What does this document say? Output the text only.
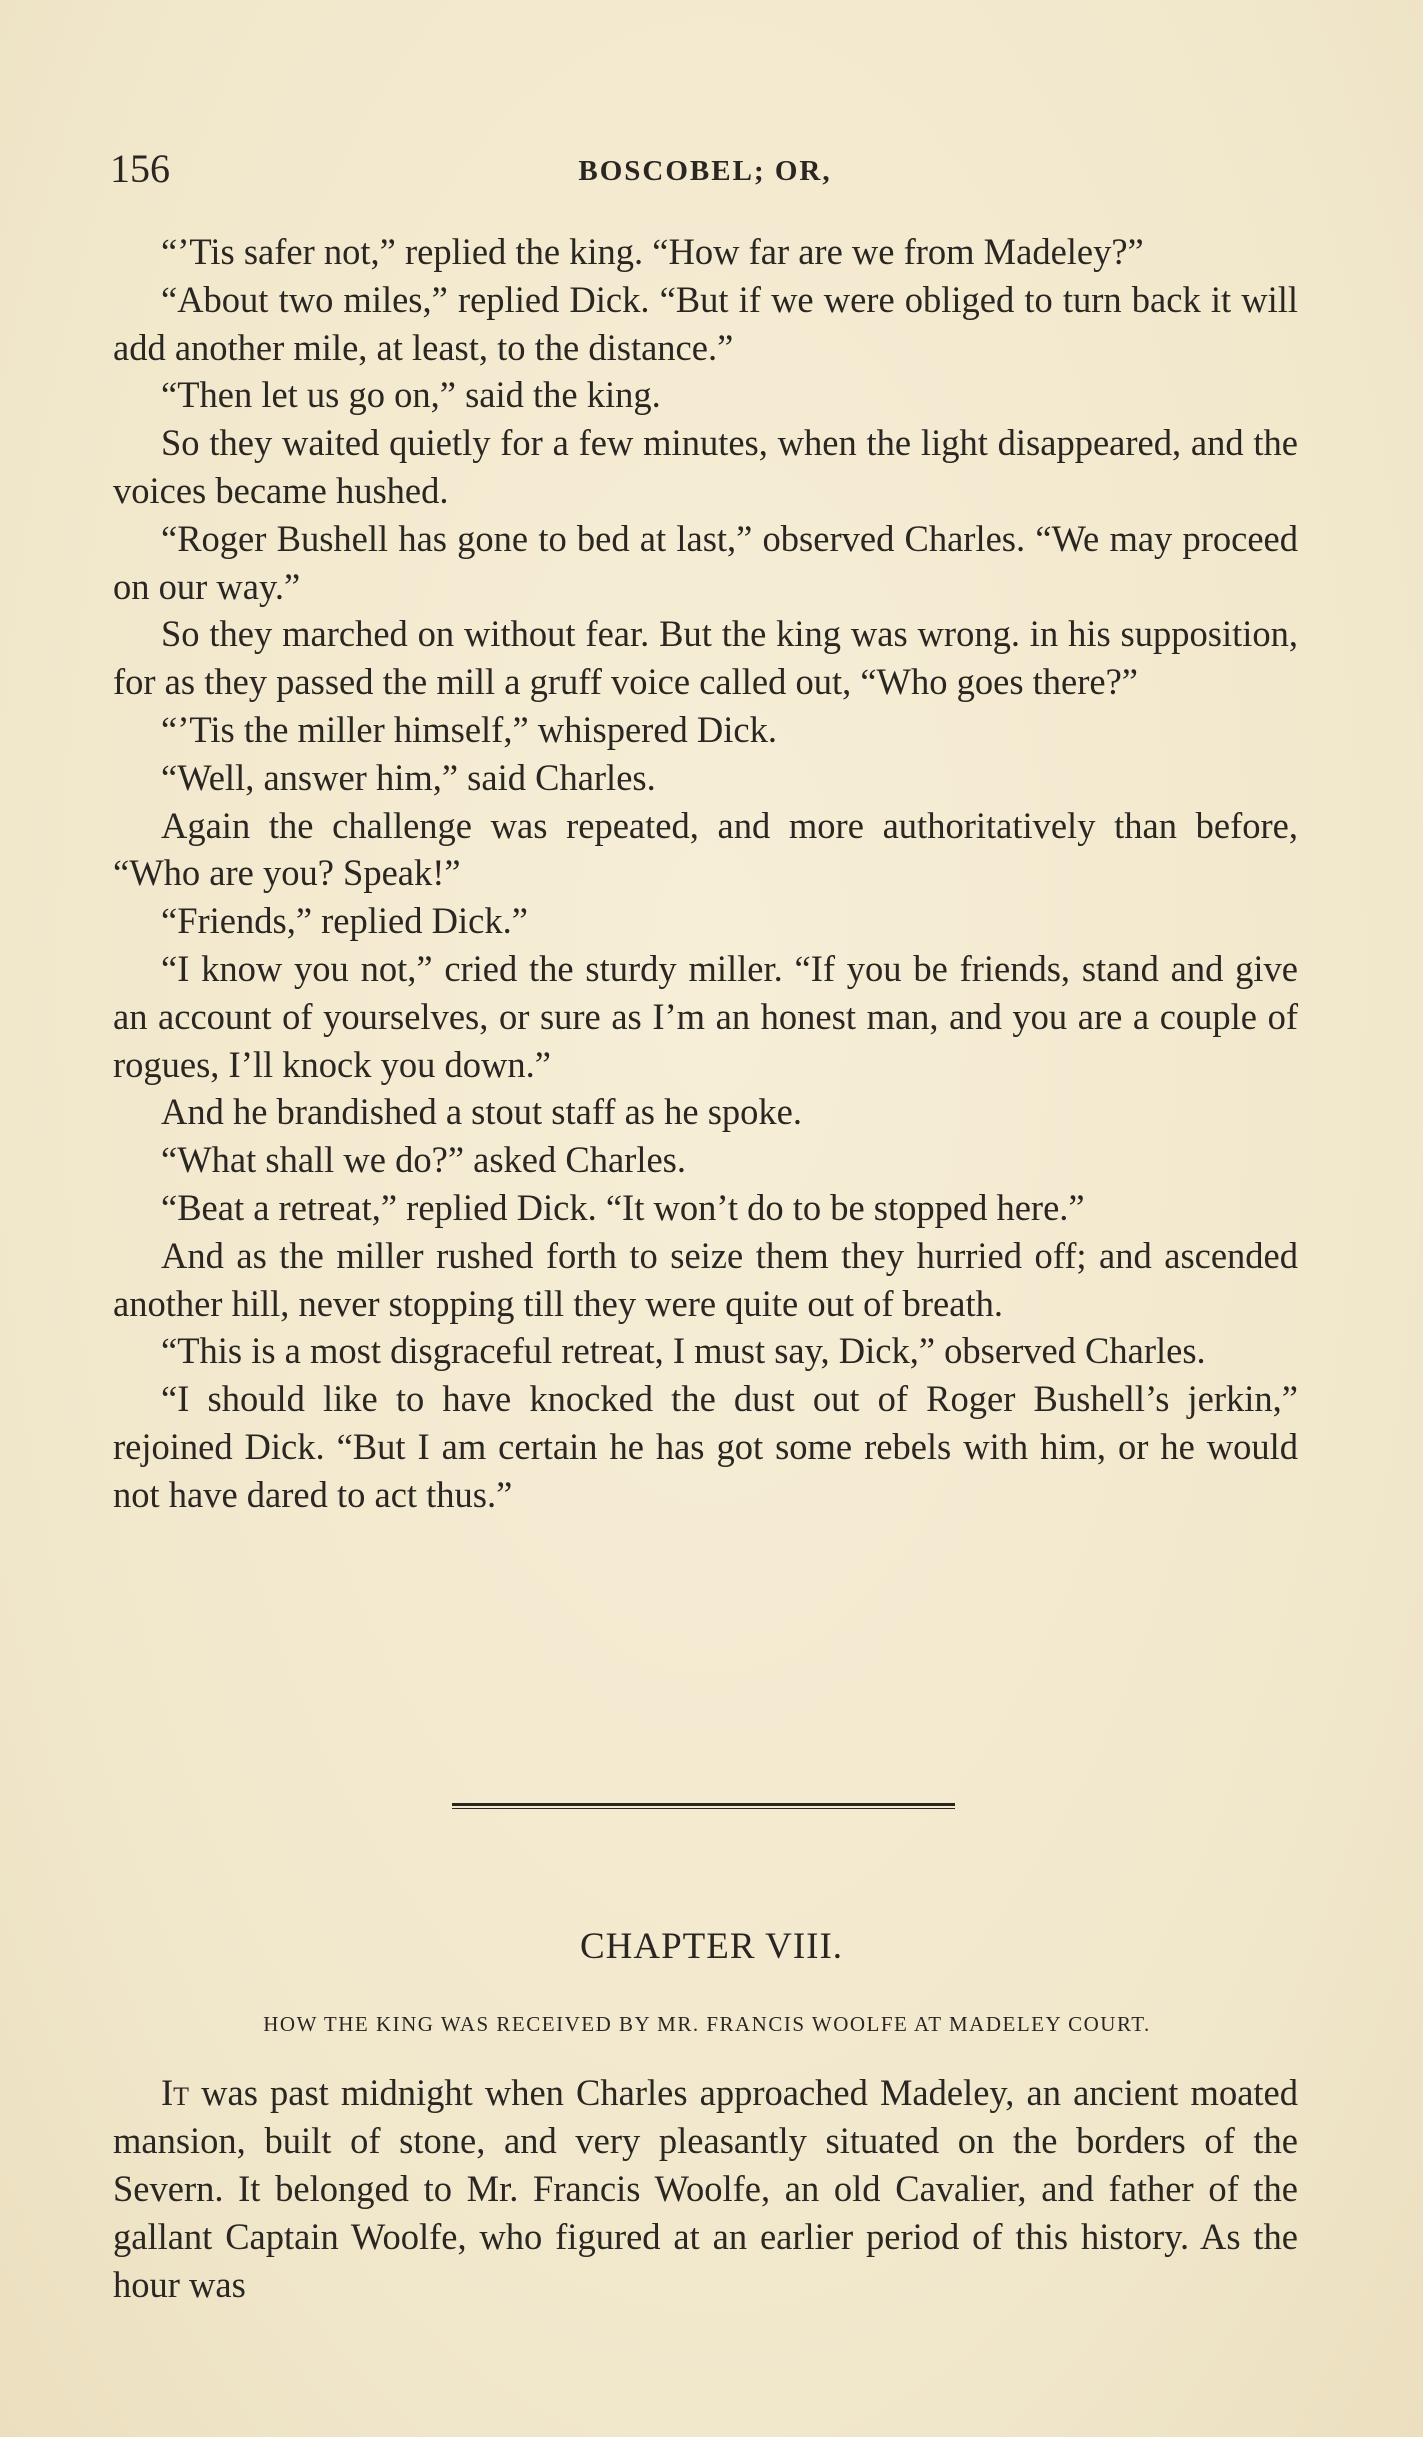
156	BOSCOBEL; OR,

“’Tis safer not,” replied the king. “How far are we from Madeley?”

“About two miles,” replied Dick. “But if we were obliged to turn back it will add another mile, at least, to the distance.”

“Then let us go on,” said the king.

So they waited quietly for a few minutes, when the light disappeared, and the voices became hushed.

“Roger Bushell has gone to bed at last,” observed Charles. “We may proceed on our way.”

So they marched on without fear. But the king was wrong. in his supposition, for as they passed the mill a gruff voice called out, “Who goes there?”

“’Tis the miller himself,” whispered Dick.

“Well, answer him,” said Charles.

Again the challenge was repeated, and more authoritatively than before, “Who are you? Speak!”

“Friends,” replied Dick.”

“I know you not,” cried the sturdy miller. “If you be friends, stand and give an account of yourselves, or sure as I’m an honest man, and you are a couple of rogues, I’ll knock you down.”

And he brandished a stout staff as he spoke.

“What shall we do?” asked Charles.

“Beat a retreat,” replied Dick. “It won’t do to be stopped here.”

And as the miller rushed forth to seize them they hurried off; and ascended another hill, never stopping till they were quite out of breath.

“This is a most disgraceful retreat, I must say, Dick,” observed Charles.

“I should like to have knocked the dust out of Roger Bushell’s jerkin,” rejoined Dick. “But I am certain he has got some rebels with him, or he would not have dared to act thus.”

CHAPTER VIII.
HOW THE KING WAS RECEIVED BY MR. FRANCIS WOOLFE AT MADELEY COURT.

It was past midnight when Charles approached Madeley, an ancient moated mansion, built of stone, and very pleasantly situated on the borders of the Severn. It belonged to Mr. Francis Woolfe, an old Cavalier, and father of the gallant Captain Woolfe, who figured at an earlier period of this history. As the hour was
